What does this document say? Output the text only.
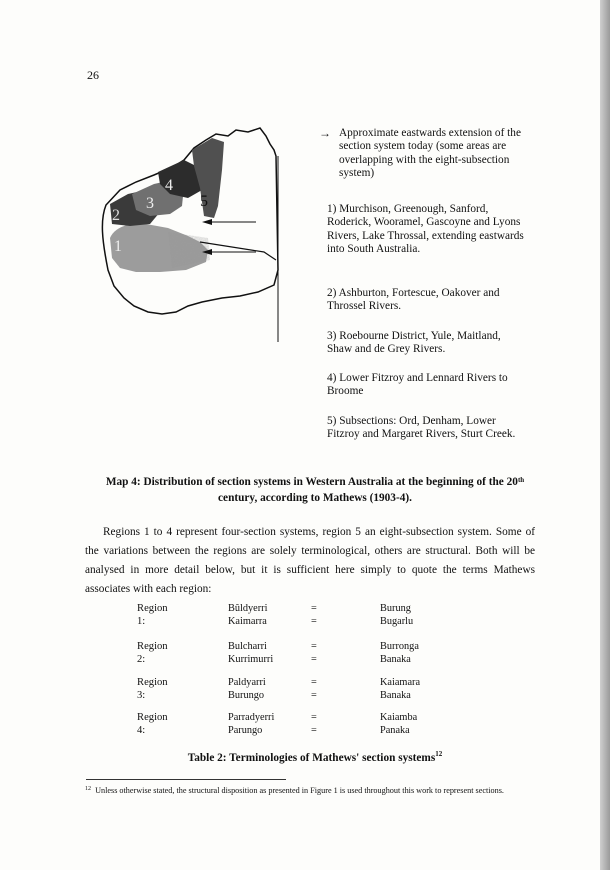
26
1
2
3
4
5
→ Approximate eastwards extension of the section system today (some areas are overlapping with the eight-subsection system)
1) Murchison, Greenough, Sanford, Roderick, Wooramel, Gascoyne and Lyons Rivers, Lake Throssal, extending eastwards into South Australia.
2) Ashburton, Fortescue, Oakover and Throssel Rivers.
3) Roebourne District, Yule, Maitland, Shaw and de Grey Rivers.
4) Lower Fitzroy and Lennard Rivers to Broome
5) Subsections: Ord, Denham, Lower Fitzroy and Margaret Rivers, Sturt Creek.
Map 4: Distribution of section systems in Western Australia at the beginning of the 20th century, according to Mathews (1903-4).
Regions 1 to 4 represent four-section systems, region 5 an eight-subsection system. Some of the variations between the regions are solely terminological, others are structural. Both will be analysed in more detail below, but it is sufficient here simply to quote the terms Mathews associates with each region:
Region 1:
Bûldyerri	=	Burung
Kaimarra	=	Bugarlu
Region 2:
Bulcharri	=	Burronga
Kurrimurri	=	Banaka
Region 3:
Paldyarri	=	Kaiamara
Burungo	=	Banaka
Region 4:
Parradyerri	=	Kaiamba
Parungo	=	Panaka
Table 2: Terminologies of Mathews' section systems$^{12}$
$^{12}$ Unless otherwise stated, the structural disposition as presented in Figure 1 is used throughout this work to represent sections.
